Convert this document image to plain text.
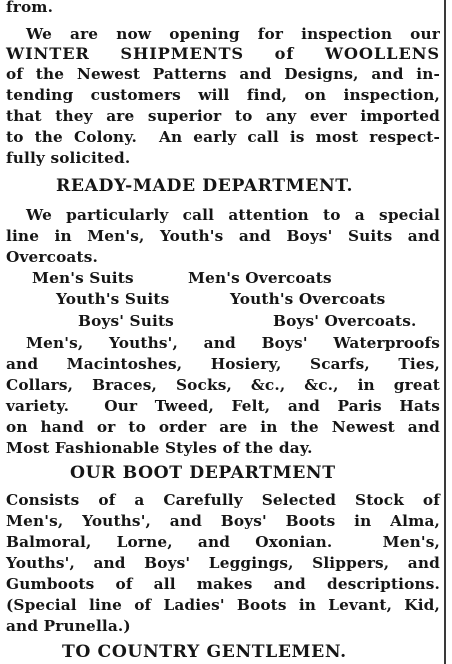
from.
We are now opening for inspection our
WINTER SHIPMENTS of WOOLLENS
of the Newest Patterns and Designs, and in-
tending customers will find, on inspection,
that they are superior to any ever imported
to the Colony.  An early call is most respect-
fully solicited.
READY-MADE DEPARTMENT.
We particularly call attention to a special
line in Men's, Youth's and Boys' Suits and
Overcoats.
Men's Suits	Men's Overcoats
Youth's Suits	Youth's Overcoats
Boys' Suits	Boys' Overcoats.
Men's, Youths', and Boys' Waterproofs
and Macintoshes, Hosiery, Scarfs, Ties,
Collars, Braces, Socks, &c., &c., in great
variety.  Our Tweed, Felt, and Paris Hats
on hand or to order are in the Newest and
Most Fashionable Styles of the day.
OUR BOOT DEPARTMENT
Consists of a Carefully Selected Stock of
Men's, Youths', and Boys' Boots in Alma,
Balmoral, Lorne, and Oxonian.  Men's,
Youths', and Boys' Leggings, Slippers, and
Gumboots of all makes and descriptions.
(Special line of Ladies' Boots in Levant, Kid,
and Prunella.)
TO COUNTRY GENTLEMEN.
